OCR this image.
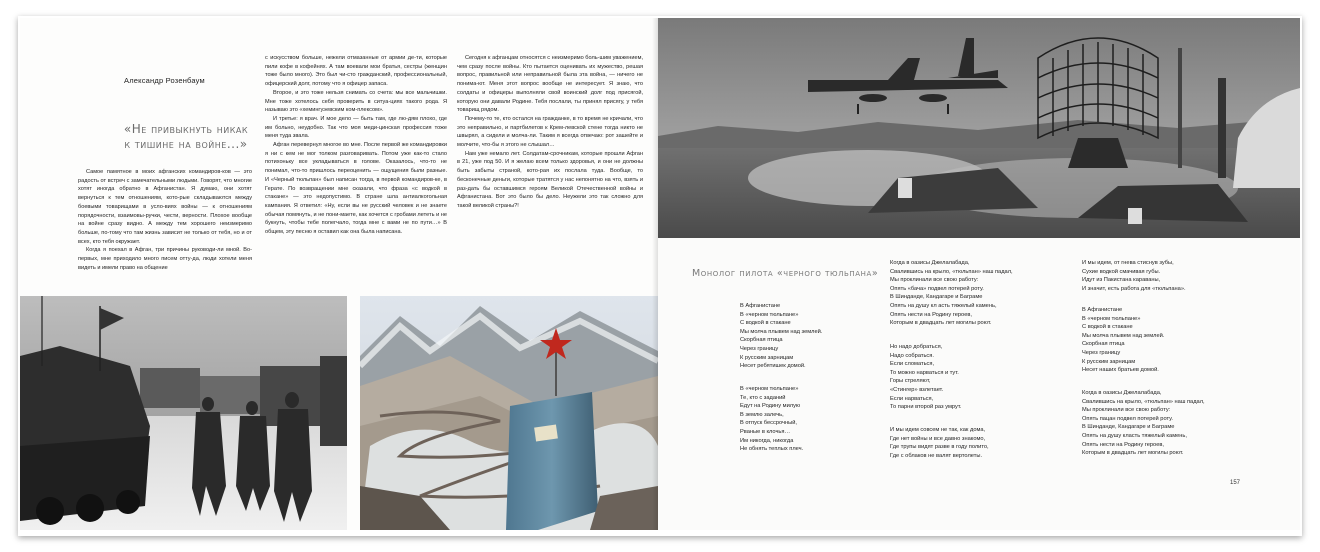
Александр Розенбаум
«Не привыкнуть никак
к тишине на войне...»

Самое памятное в моих афганских командиров-ков — это радость от встреч с замечательными людьми. Говорят, что многие хотят иногда обратно в Афганистан. Я думаю, они хотят вернуться к тем отношениям, кото-рые складываются между боевыми товарищами в усло-виях войны — к отношениям порядочности, взаимовы-ручки, чести, верности. Плохое вообще на войне сразу видно. А между тем хорошего неизмеримо больше, по-тому что там жизнь зависит не только от тебя, но и от всех, кто тебя окружает.

Когда я поехал в Афган, три причины руководи-ли мной. Во-первых, мне приходило много писем отту-да, люди хотели меня видеть и имели право на общение

с искусством больше, нежели отмазанные от армии де-ти, которые пили кофе в кофейнях. А там воевали мои братья, сестры (женщин тоже было много). Это был чи-сто гражданский, профессиональный, офицерский долг, потому что я офицер запаса.

Второе, и это тоже нельзя снимать со счета: мы все мальчишки. Мне тоже хотелось себя проверить в ситуа-циях такого рода. Я называю это «хемингуэевским ком-плексом».

И третье: я врач. И мое дело — быть там, где лю-дям плохо, где им больно, неудобно. Так что моя меди-цинская профессия тоже меня туда звала.

Афган перевернул многое во мне. После первой же командировки я ни с кем не мог толком разговаривать. Потом уже как-то стало потихоньку все укладываться в голове. Оказалось, что-то не понимал, что-то пришлось переоценить — ощущения были разные. И «Черный тюльпан» был написан тогда, в первой командиров-ке, в Герате. По возвращении мне сказали, что фраза «с водкой в стакане» — это недопустимо. В стране шла антиалкогольная кампания. Я ответил: «Ну, если вы не русский человек и не знаете обычая помянуть, и не пони-маете, как хочется с гробами лететь и не букнуть, чтобы тебе полегчало, тогда мне с вами не по пути…» В общем, эту песню я оставил как она была написана.

Сегодня к афганцам относятся с неизмеримо боль-шим уважением, чем сразу после войны. Кто пытается оценивать их мужество, решая вопрос, правильной или неправильной была эта война, — ничего не понима-ют. Меня этот вопрос вообще не интересует. Я знаю, что солдаты и офицеры выполняли свой воинский долг под присягой, которую они давали Родине. Тебя послали, ты принял присягу, у тебя товарищ рядом.

Почему-то те, кто остался на гражданке, в то время не кричали, что это неправильно, и партбилетов к Крем-левской стене тогда никто не швырял, а сидели и молча-ли. Таким я всегда отвечаю: рот зашейте и молчите, что-бы я этого не слышал…

Нам уже немало лет. Солдатам-срочникам, которые прошли Афган в 21, уже под 50. И я желаю всем только здоровья, и они не должны быть забыты страной, кото-рая их послала туда. Вообще, то бесконечные деньги, которые тратятся у нас непонятно на что, взять и раз-дать бы оставшимся героям Великой Отечественной войны и Афганистана. Вот это было бы дело. Неужели это так сложно для такой великой страны?!

Монолог пилота «черного тюльпана»
В Афганистане
В «черном тюльпане»
С водкой в стакане
Мы молча плывем над землей.
Скорбная птица
Через границу
К русским зарницам
Несет ребятишек домой.
В «черном тюльпане»
Те, кто с заданий
Едут на Родину милую
В землю залечь,
В отпуск бессрочный,
Рваные в клочья…
Им никогда, никогда
Не обнять теплых плеч.
Когда в оазисы Джелалабада,
Свалившись на крыло, «тюльпан» наш падал,
Мы проклинали все свою работу:
Опять «бача» подвел потерей роту.
В Шинданде, Кандагаре и Баграме
Опять на душу кл асть тяжелый камень,
Опять нести на Родину героев,
Которым в двадцать лет могилы роют.
Но надо добраться,
Надо собраться.
Если сломаться,
То можно нарваться и тут.
Горы стреляют,
«Стингер» взлетает.
Если нарваться,
То парни второй раз умрут.
И мы идем совсем не так, как дома,
Где нет войны и все давно знакомо,
Где трупы видят разве в году полито,
Где с облаков не валят вертолеты.
И мы идем, от гнева стиснув зубы,
Сухие водкой смачивая губы.
Идут из Пакистана караваны,
И значит, есть работа для «тюльпана».
В Афганистане
В «черном тюльпане»
С водкой в стакане
Мы молча плывем над землей.
Скорбная птица
Через границу
К русским зарницам
Несет наших братьев домой.
Когда в оазисы Джелалабада,
Свалившись на крыло, «тюльпан» наш падал,
Мы проклинали все свою работу:
Опять пацан подвел потерей роту.
В Шинданде, Кандагаре и Баграме
Опять на душу класть тяжелый камень,
Опять нести на Родину героев,
Которым в двадцать лет могилы роют.
157
